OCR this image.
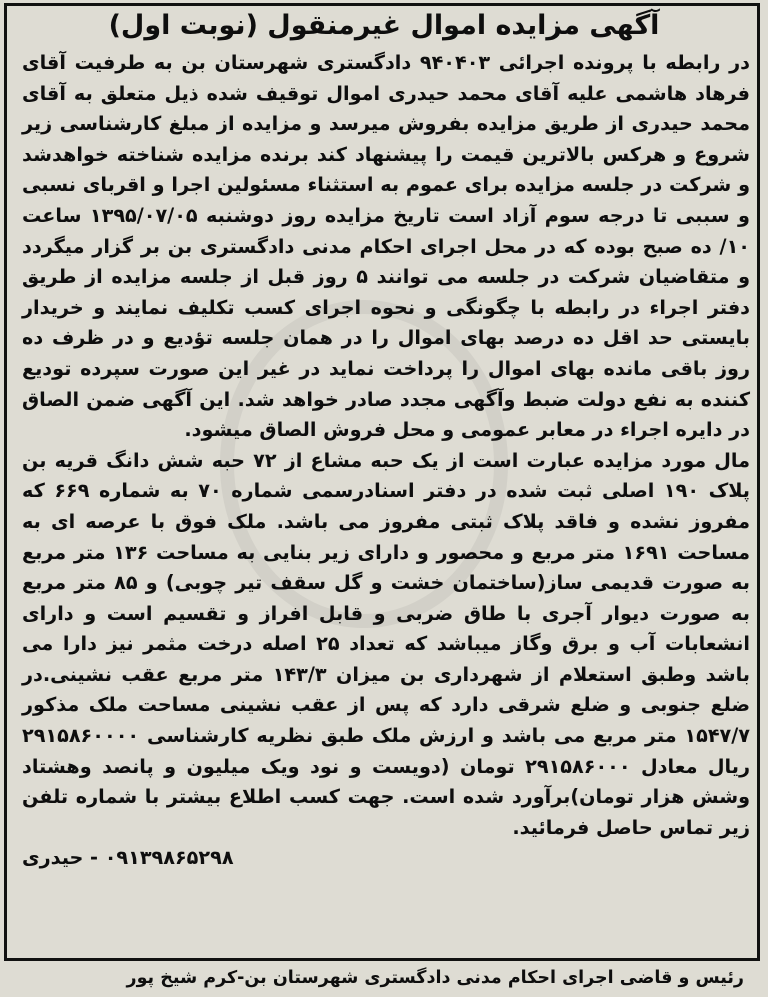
آگهی مزایده اموال غیرمنقول (نوبت اول)

در رابطه با پرونده اجرائی ۹۴۰۴۰۳ دادگستری شهرستان بن به طرفیت آقای فرهاد هاشمی علیه آقای محمد حیدری اموال توقیف شده ذیل متعلق به آقای محمد حیدری از طریق مزایده بفروش میرسد و مزایده از مبلغ کارشناسی زیر شروع و هرکس بالاترین قیمت را پیشنهاد کند برنده مزایده شناخته خواهدشد و شرکت در جلسه مزایده برای عموم به استثناء مسئولین اجرا و اقربای نسبی و سببی تا درجه سوم آزاد است تاریخ مزایده روز دوشنبه ۱۳۹۵/۰۷/۰۵ ساعت ۱۰/ ده صبح بوده که در محل اجرای احکام مدنی دادگستری بن بر گزار میگردد و متقاضیان شرکت در جلسه می توانند ۵ روز قبل از جلسه مزایده از طریق دفتر اجراء در رابطه با چگونگی و نحوه اجرای کسب تکلیف نمایند و خریدار بایستی حد اقل ده درصد بهای اموال را در همان جلسه تؤدیع و در ظرف ده روز باقی مانده بهای اموال را پرداخت نماید در غیر این صورت سپرده تودیع کننده به نفع دولت ضبط وآگهی مجدد صادر خواهد شد. این آگهی ضمن الصاق در دایره اجراء در معابر عمومی و محل فروش الصاق میشود.

مال مورد مزایده عبارت است از یک حبه مشاع از ۷۲ حبه شش دانگ قریه بن پلاک ۱۹۰ اصلی ثبت شده در دفتر اسنادرسمی شماره ۷۰ به شماره ۶۶۹ که مفروز نشده و فاقد پلاک ثبتی مفروز می باشد. ملک فوق با عرصه ای به مساحت ۱۶۹۱ متر مربع و محصور و دارای زیر بنایی به مساحت ۱۳۶ متر مربع به صورت قدیمی ساز(ساختمان خشت و گل سقف تیر چوبی) و ۸۵ متر مربع به صورت دیوار آجری با طاق ضربی و قابل افراز و تقسیم است و دارای انشعابات آب و برق وگاز میباشد که تعداد ۲۵ اصله درخت مثمر نیز دارا می باشد وطبق استعلام از شهرداری بن میزان ۱۴۳/۳ متر مربع عقب نشینی.در ضلع جنوبی و ضلع شرقی دارد که پس از عقب نشینی مساحت ملک مذکور ۱۵۴۷/۷ متر مربع می باشد و ارزش ملک طبق نظریه کارشناسی ۲۹۱۵۸۶۰۰۰۰ ریال معادل ۲۹۱۵۸۶۰۰۰ تومان (دویست و نود ویک میلیون و پانصد وهشتاد وشش هزار تومان)برآورد شده است. جهت کسب اطلاع بیشتر با شماره تلفن زیر تماس حاصل فرمائید.

۰۹۱۳۹۸۶۵۲۹۸ - حیدری
رئیس و قاضی اجرای احکام مدنی دادگستری شهرستان بن-کرم شیخ پور
